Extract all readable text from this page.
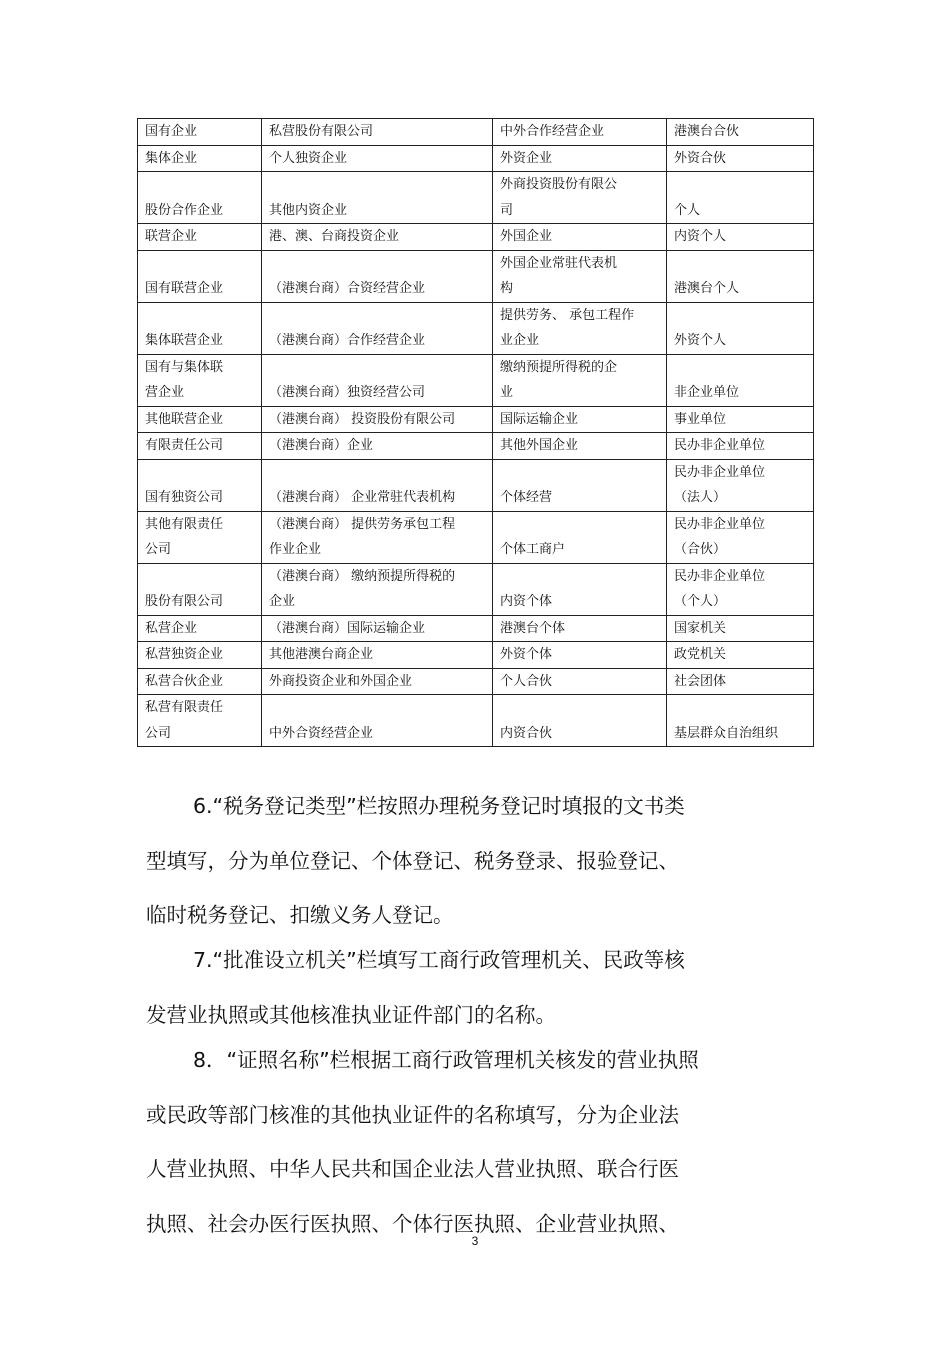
国有企业	私营股份有限公司	中外合作经营企业	港澳台合伙

集体企业	个人独资企业	外资企业	外资合伙

股份合作企业	其他内资企业	外商投资股份有限公
司	个人

联营企业	港、澳、台商投资企业	外国企业	内资个人

国有联营企业	（港澳台商）合资经营企业	外国企业常驻代表机
构	港澳台个人

集体联营企业	（港澳台商）合作经营企业	提供劳务、 承包工程作
业企业	外资个人

国有与集体联
营企业	（港澳台商）独资经营公司	缴纳预提所得税的企
业	非企业单位

其他联营企业	（港澳台商） 投资股份有限公司	国际运输企业	事业单位

有限责任公司	（港澳台商）企业	其他外国企业	民办非企业单位

国有独资公司	（港澳台商） 企业常驻代表机构	个体经营	民办非企业单位
（法人）

其他有限责任
公司	（港澳台商） 提供劳务承包工程
作业企业	个体工商户	民办非企业单位
（合伙）

股份有限公司	（港澳台商） 缴纳预提所得税的
企业	内资个体	民办非企业单位
（个人）

私营企业	（港澳台商）国际运输企业	港澳台个体	国家机关

私营独资企业	其他港澳台商企业	外资个体	政党机关

私营合伙企业	外商投资企业和外国企业	个人合伙	社会团体

私营有限责任
公司	中外合资经营企业	内资合伙	基层群众自治组织
6.“税务登记类型”栏按照办理税务登记时填报的文书类
型填写，分为单位登记、个体登记、税务登录、报验登记、
临时税务登记、扣缴义务人登记。
7.“批准设立机关”栏填写工商行政管理机关、民政等核
发营业执照或其他核准执业证件部门的名称。
8．“证照名称”栏根据工商行政管理机关核发的营业执照
或民政等部门核准的其他执业证件的名称填写，分为企业法
人营业执照、中华人民共和国企业法人营业执照、联合行医
执照、社会办医行医执照、个体行医执照、企业营业执照、
3
